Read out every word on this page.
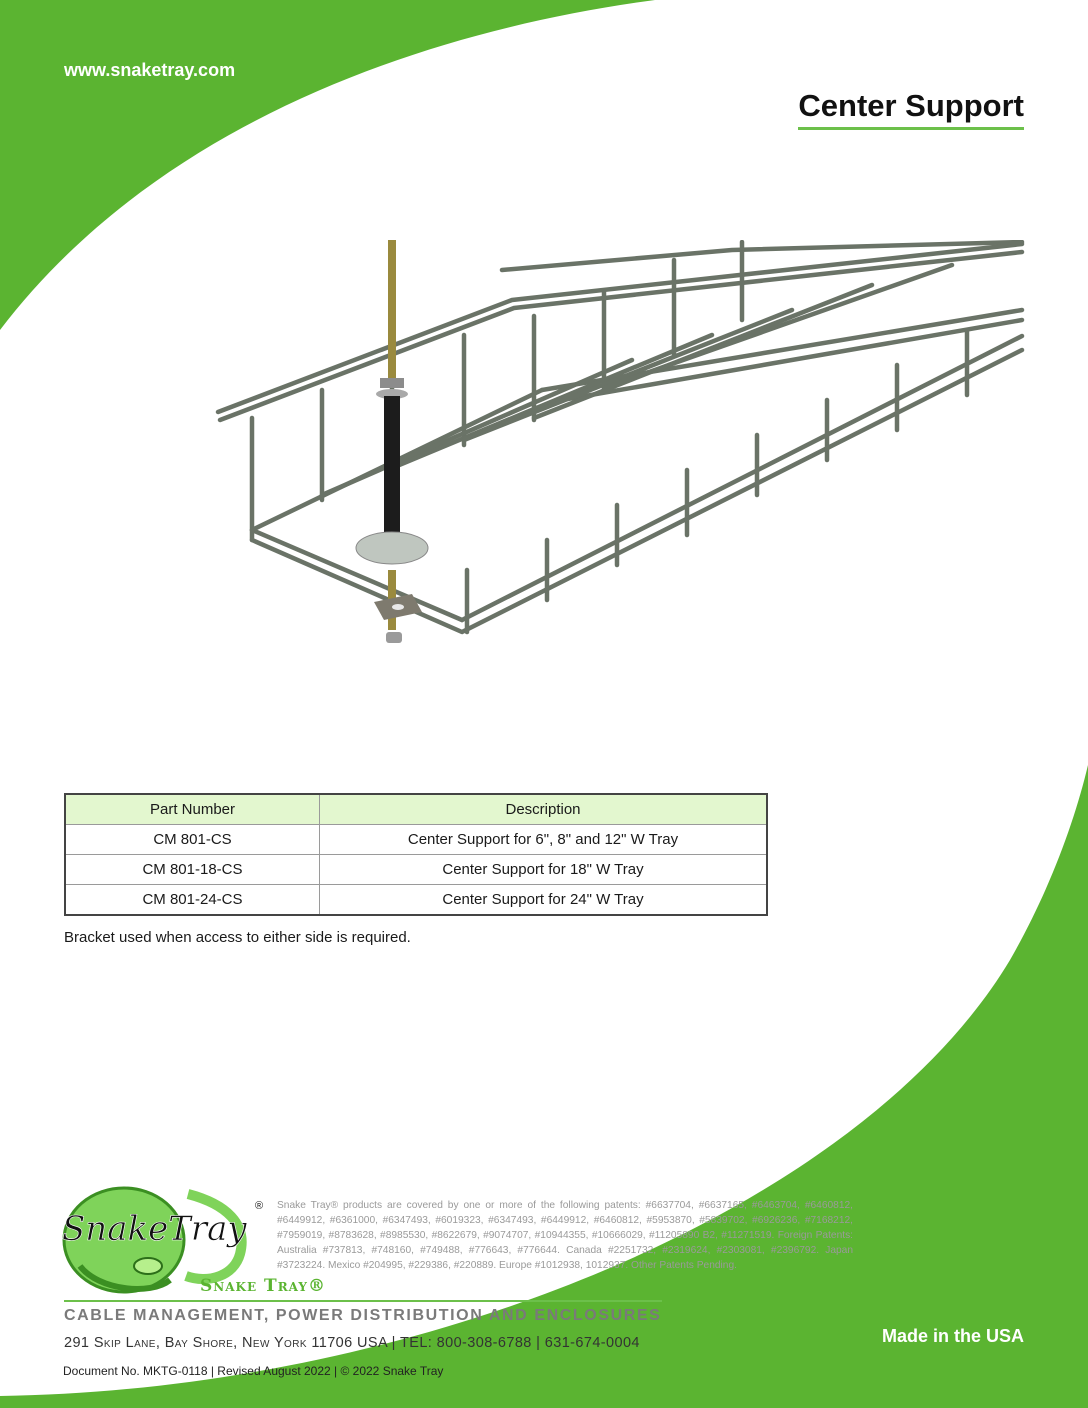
www.snaketray.com
Center Support
Part Number	Description
CM 801-CS	Center Support for 6", 8" and 12" W Tray
CM 801-18-CS	Center Support for 18" W Tray
CM 801-24-CS	Center Support for 24" W Tray
Bracket used when access to either side is required.
SnakeTray
®
Snake Tray®
Snake Tray® products are covered by one or more of the following patents: #6637704, #6637165, #6463704, #6460812, #6449912, #6361000, #6347493, #6019323, #6347493, #6449912, #6460812, #5953870, #5839702, #6926236, #7168212, #7959019, #8783628, #8985530, #8622679, #9074707, #10944355, #10666029, #11205890 B2, #11271519. Foreign Patents: Australia #737813, #748160, #749488, #776643, #776644. Canada #2251732, #2319624, #2303081, #2396792. Japan #3723224. Mexico #204995, #229386, #220889. Europe #1012938, 1012937. Other Patents Pending.
CABLE MANAGEMENT, POWER DISTRIBUTION AND ENCLOSURES
291 Skip Lane, Bay Shore, New York 11706 USA | TEL: 800-308-6788 | 631-674-0004	Made in the USA
Document No. MKTG-0118 | Revised August 2022 | © 2022 Snake Tray
